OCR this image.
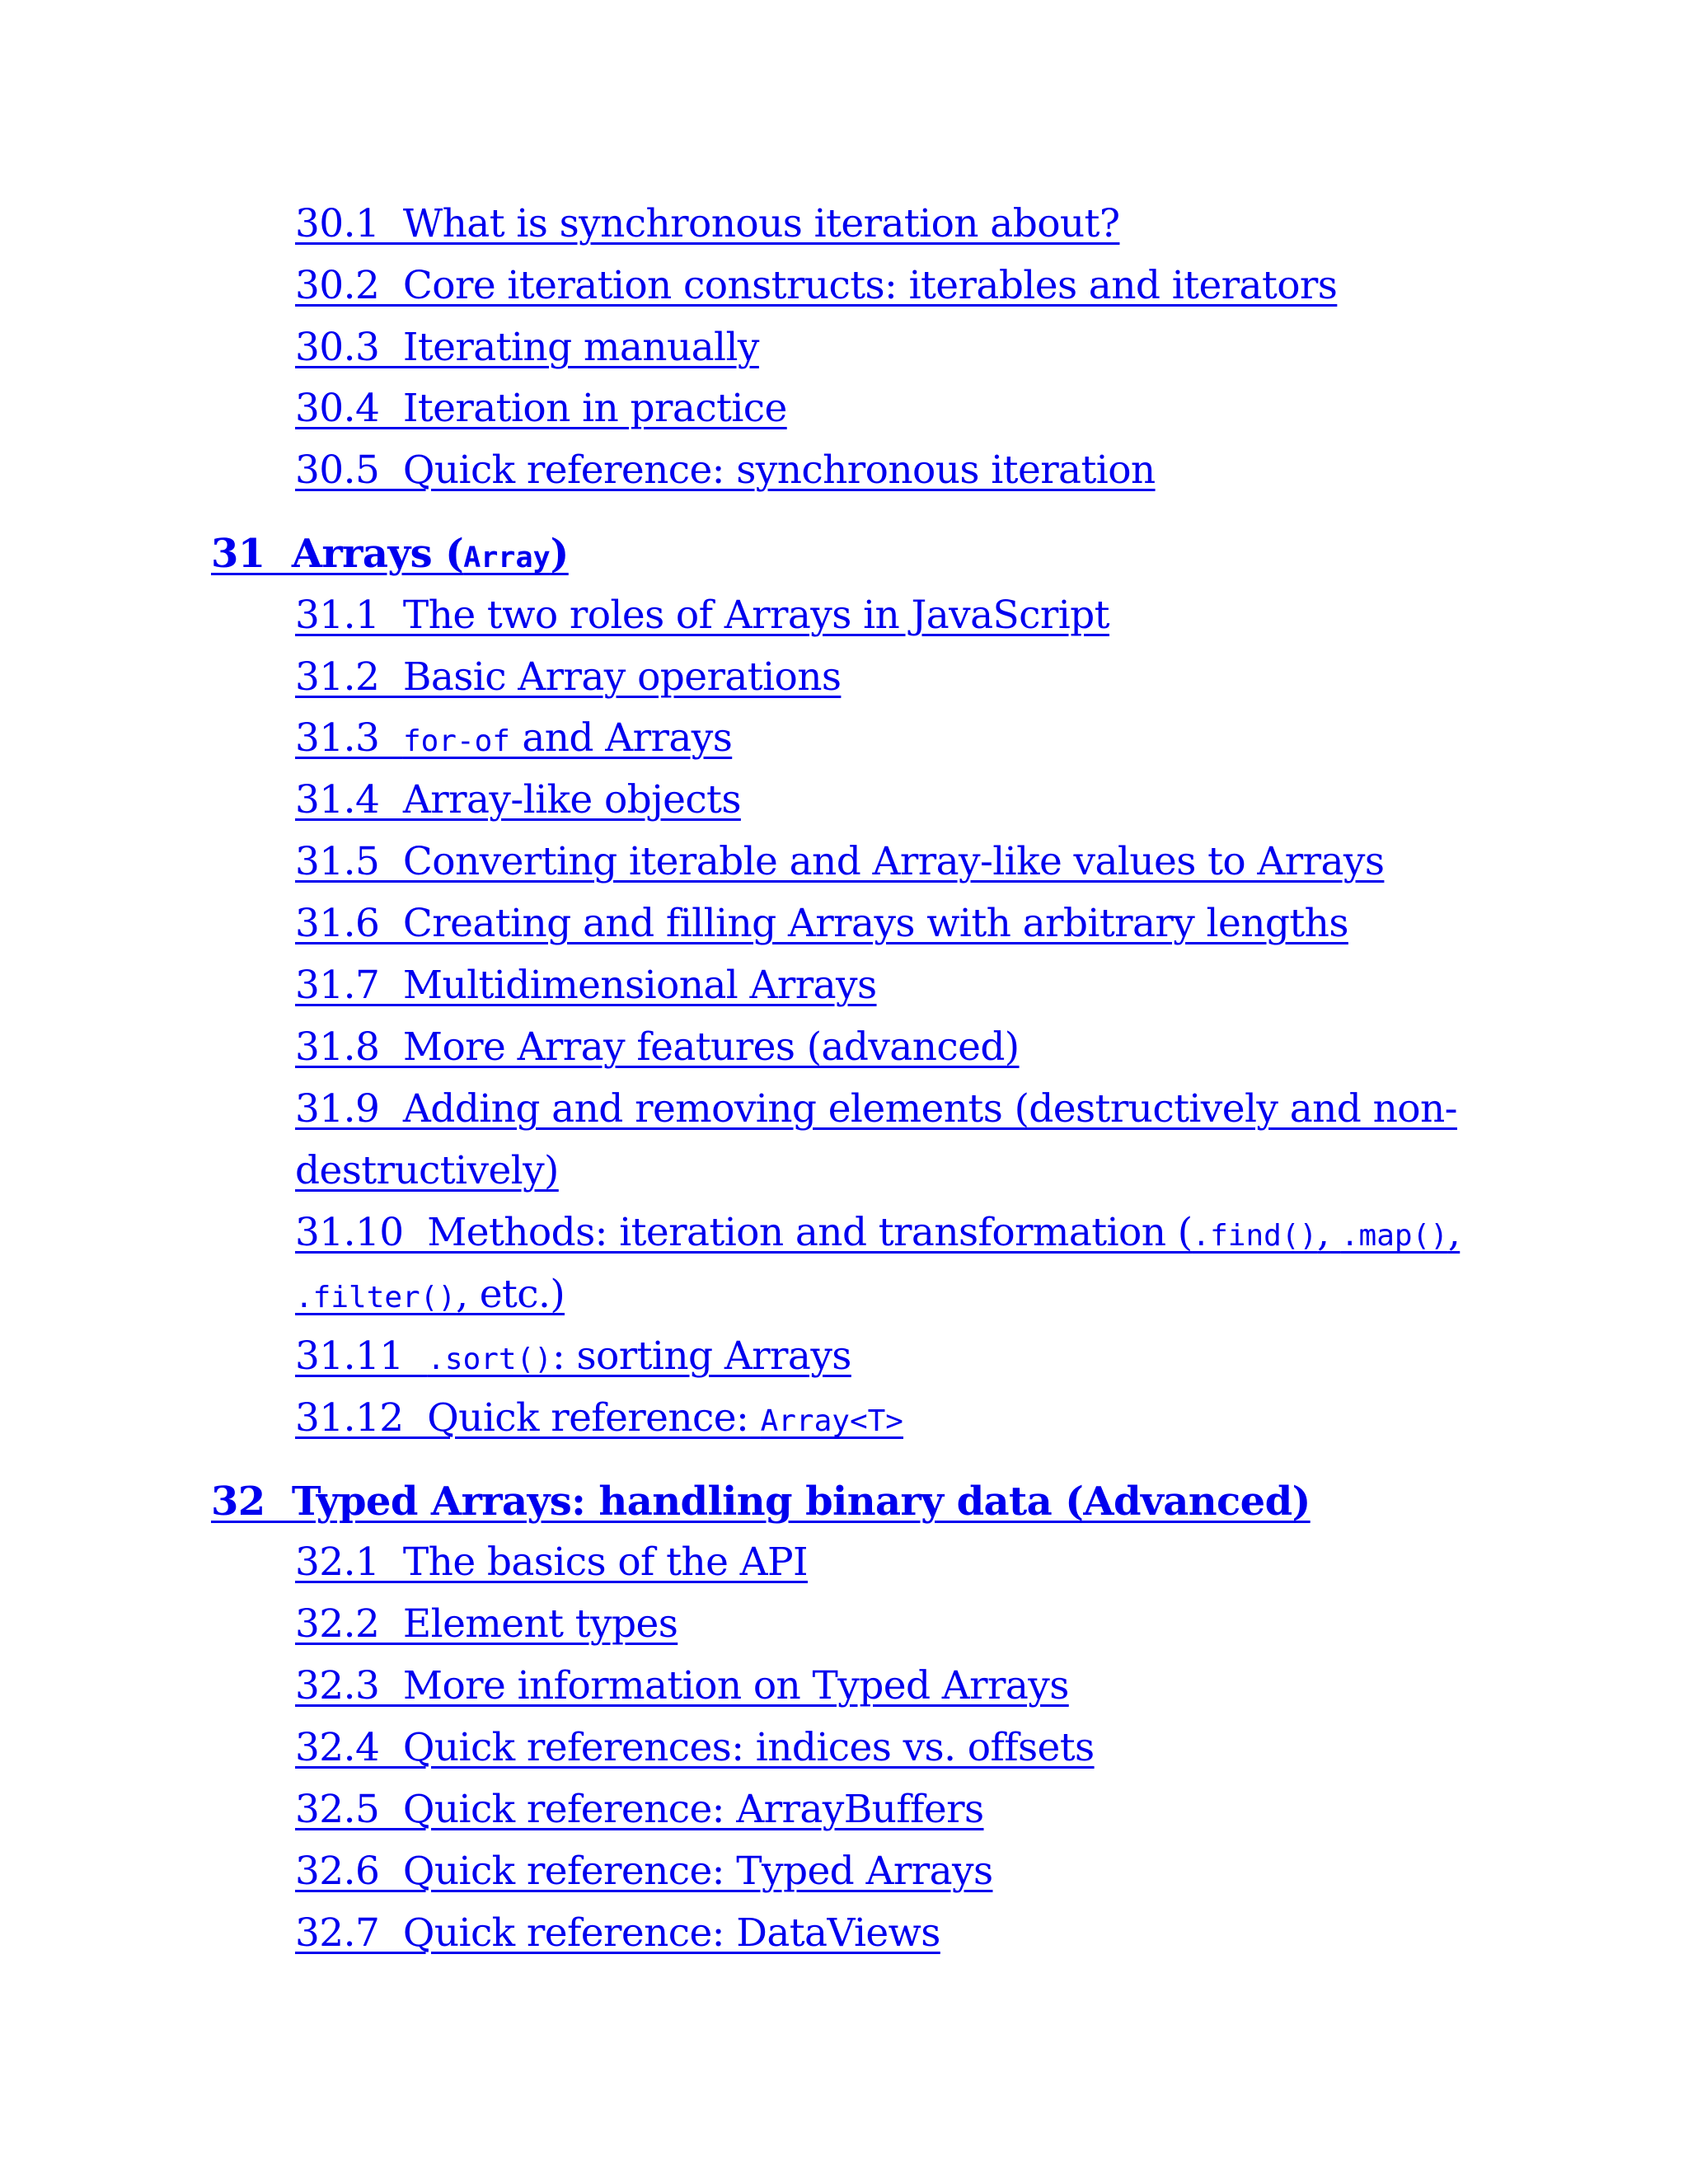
30.1  What is synchronous iteration about?
30.2  Core iteration constructs: iterables and iterators
30.3  Iterating manually
30.4  Iteration in practice
30.5  Quick reference: synchronous iteration
31  Arrays (Array)
31.1  The two roles of Arrays in JavaScript
31.2  Basic Array operations
31.3  for-of and Arrays
31.4  Array-like objects
31.5  Converting iterable and Array-like values to Arrays
31.6  Creating and filling Arrays with arbitrary lengths
31.7  Multidimensional Arrays
31.8  More Array features (advanced)
31.9  Adding and removing elements (destructively and non-
destructively)
31.10  Methods: iteration and transformation (.find(), .map(),
.filter(), etc.)
31.11  .sort(): sorting Arrays
31.12  Quick reference: Array<T>
32  Typed Arrays: handling binary data (Advanced)
32.1  The basics of the API
32.2  Element types
32.3  More information on Typed Arrays
32.4  Quick references: indices vs. offsets
32.5  Quick reference: ArrayBuffers
32.6  Quick reference: Typed Arrays
32.7  Quick reference: DataViews
